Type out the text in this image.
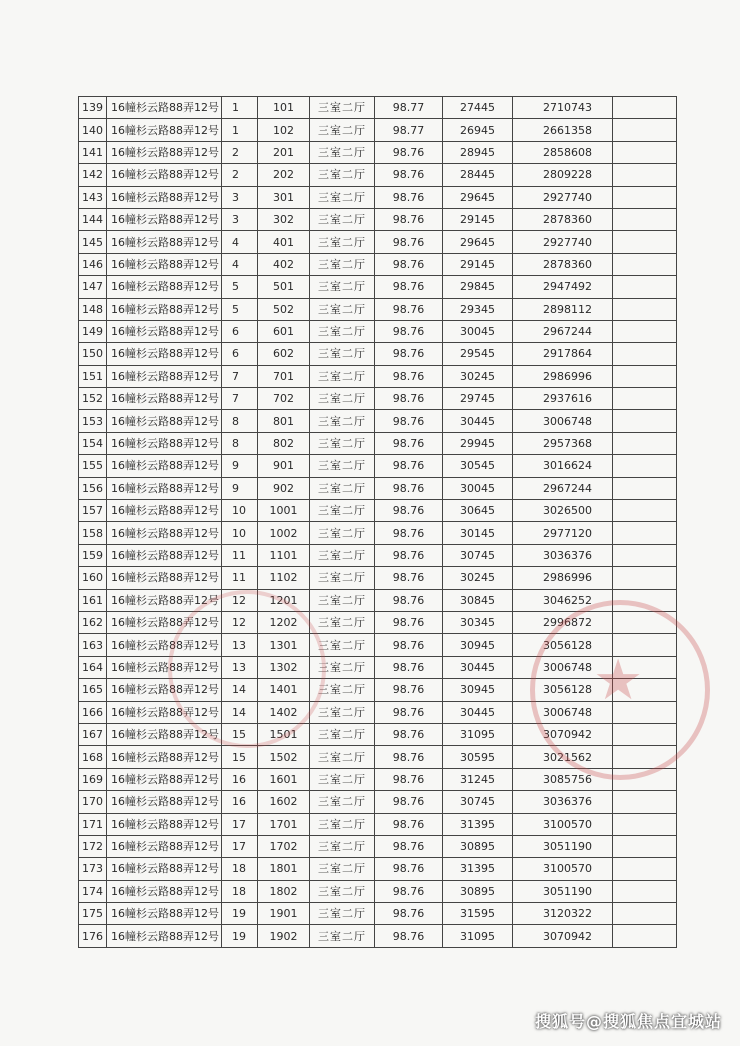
139	16幢杉云路88弄12号	1	101	三室二厅	98.77	27445	2710743	
140	16幢杉云路88弄12号	1	102	三室二厅	98.77	26945	2661358	
141	16幢杉云路88弄12号	2	201	三室二厅	98.76	28945	2858608	
142	16幢杉云路88弄12号	2	202	三室二厅	98.76	28445	2809228	
143	16幢杉云路88弄12号	3	301	三室二厅	98.76	29645	2927740	
144	16幢杉云路88弄12号	3	302	三室二厅	98.76	29145	2878360	
145	16幢杉云路88弄12号	4	401	三室二厅	98.76	29645	2927740	
146	16幢杉云路88弄12号	4	402	三室二厅	98.76	29145	2878360	
147	16幢杉云路88弄12号	5	501	三室二厅	98.76	29845	2947492	
148	16幢杉云路88弄12号	5	502	三室二厅	98.76	29345	2898112	
149	16幢杉云路88弄12号	6	601	三室二厅	98.76	30045	2967244	
150	16幢杉云路88弄12号	6	602	三室二厅	98.76	29545	2917864	
151	16幢杉云路88弄12号	7	701	三室二厅	98.76	30245	2986996	
152	16幢杉云路88弄12号	7	702	三室二厅	98.76	29745	2937616	
153	16幢杉云路88弄12号	8	801	三室二厅	98.76	30445	3006748	
154	16幢杉云路88弄12号	8	802	三室二厅	98.76	29945	2957368	
155	16幢杉云路88弄12号	9	901	三室二厅	98.76	30545	3016624	
156	16幢杉云路88弄12号	9	902	三室二厅	98.76	30045	2967244	
157	16幢杉云路88弄12号	10	1001	三室二厅	98.76	30645	3026500	
158	16幢杉云路88弄12号	10	1002	三室二厅	98.76	30145	2977120	
159	16幢杉云路88弄12号	11	1101	三室二厅	98.76	30745	3036376	
160	16幢杉云路88弄12号	11	1102	三室二厅	98.76	30245	2986996	
161	16幢杉云路88弄12号	12	1201	三室二厅	98.76	30845	3046252	
162	16幢杉云路88弄12号	12	1202	三室二厅	98.76	30345	2996872	
163	16幢杉云路88弄12号	13	1301	三室二厅	98.76	30945	3056128	
164	16幢杉云路88弄12号	13	1302	三室二厅	98.76	30445	3006748	
165	16幢杉云路88弄12号	14	1401	三室二厅	98.76	30945	3056128	
166	16幢杉云路88弄12号	14	1402	三室二厅	98.76	30445	3006748	
167	16幢杉云路88弄12号	15	1501	三室二厅	98.76	31095	3070942	
168	16幢杉云路88弄12号	15	1502	三室二厅	98.76	30595	3021562	
169	16幢杉云路88弄12号	16	1601	三室二厅	98.76	31245	3085756	
170	16幢杉云路88弄12号	16	1602	三室二厅	98.76	30745	3036376	
171	16幢杉云路88弄12号	17	1701	三室二厅	98.76	31395	3100570	
172	16幢杉云路88弄12号	17	1702	三室二厅	98.76	30895	3051190	
173	16幢杉云路88弄12号	18	1801	三室二厅	98.76	31395	3100570	
174	16幢杉云路88弄12号	18	1802	三室二厅	98.76	30895	3051190	
175	16幢杉云路88弄12号	19	1901	三室二厅	98.76	31595	3120322	
176	16幢杉云路88弄12号	19	1902	三室二厅	98.76	31095	3070942	
★
搜狐号@搜狐焦点宜城站
